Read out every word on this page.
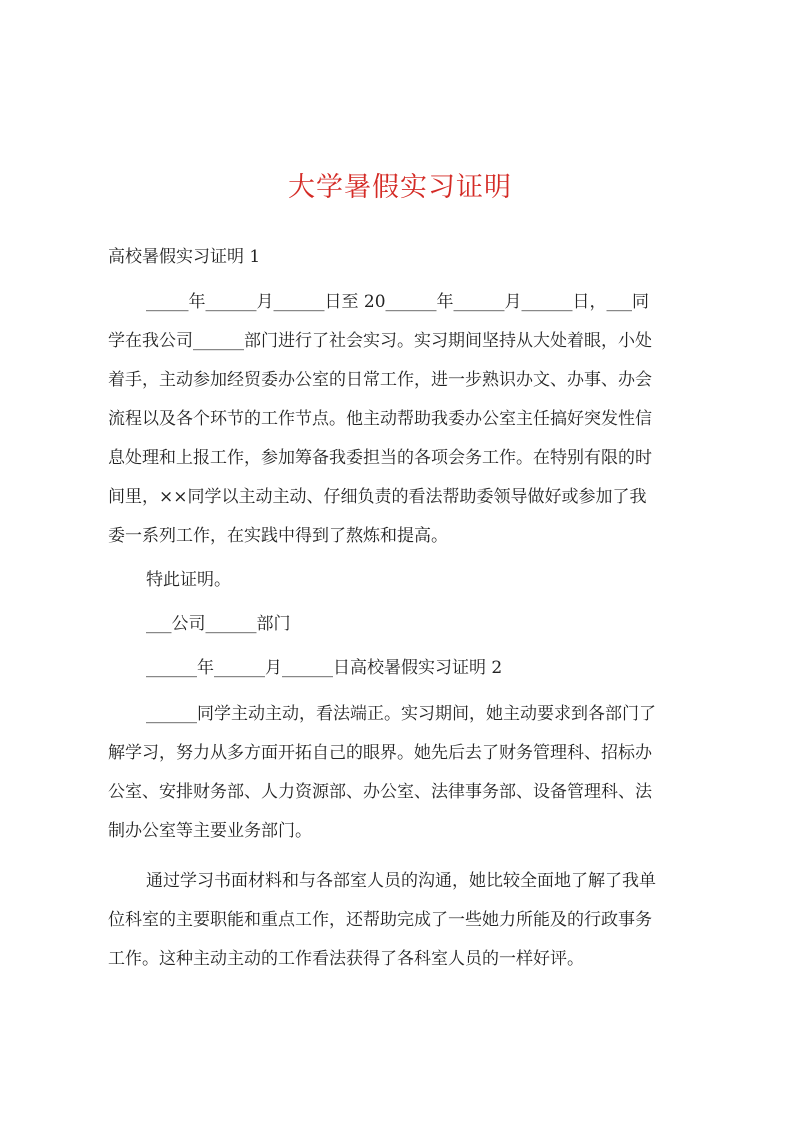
大学暑假实习证明
高校暑假实习证明 1
_____年______月______日至 20______年______月______日，___同
学在我公司______部门进行了社会实习。实习期间坚持从大处着眼，小处
着手，主动参加经贸委办公室的日常工作，进一步熟识办文、办事、办会
流程以及各个环节的工作节点。他主动帮助我委办公室主任搞好突发性信
息处理和上报工作，参加筹备我委担当的各项会务工作。在特别有限的时
间里，××同学以主动主动、仔细负责的看法帮助委领导做好或参加了我
委一系列工作，在实践中得到了熬炼和提高。
特此证明。
___公司______部门
______年______月______日高校暑假实习证明 2
______同学主动主动，看法端正。实习期间，她主动要求到各部门了
解学习，努力从多方面开拓自己的眼界。她先后去了财务管理科、招标办
公室、安排财务部、人力资源部、办公室、法律事务部、设备管理科、法
制办公室等主要业务部门。
通过学习书面材料和与各部室人员的沟通，她比较全面地了解了我单
位科室的主要职能和重点工作，还帮助完成了一些她力所能及的行政事务
工作。这种主动主动的工作看法获得了各科室人员的一样好评。
